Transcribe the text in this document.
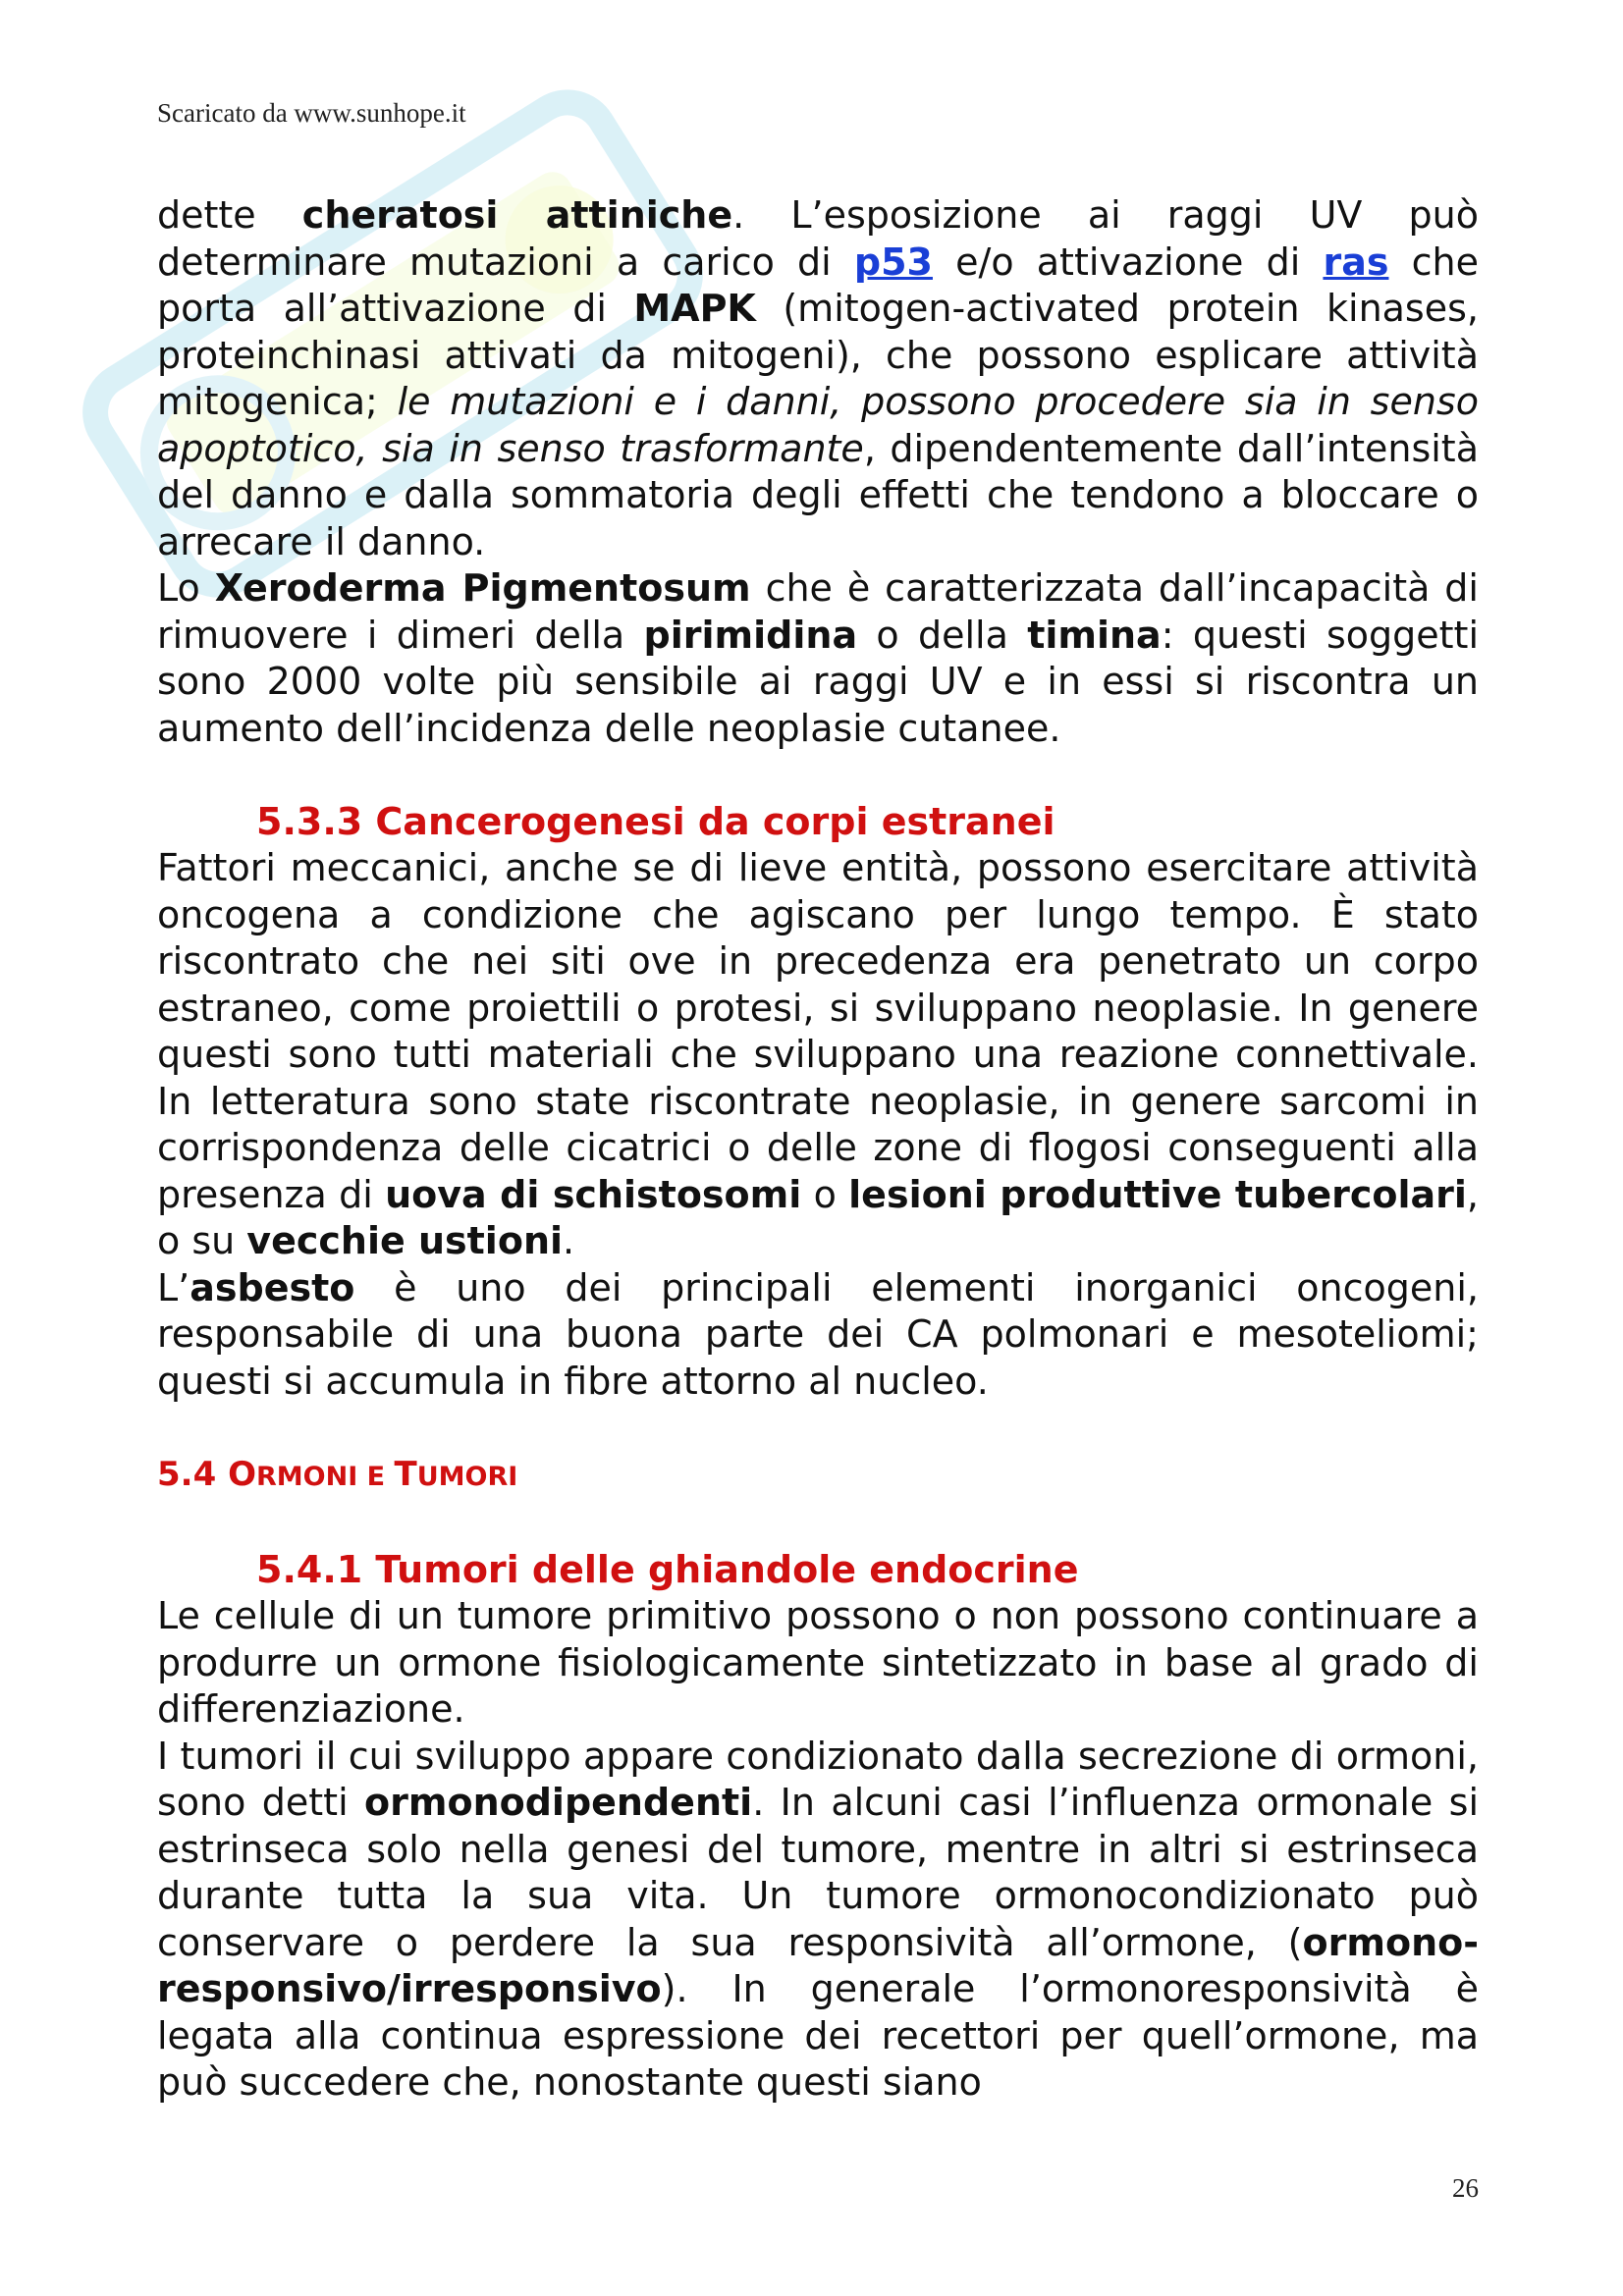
Scaricato da www.sunhope.it

dette cheratosi attiniche. L’esposizione ai raggi UV può determinare mutazioni a carico di p53 e/o attivazione di ras che porta all’attivazione di MAPK (mitogen-activated protein kinases, proteinchinasi attivati da mitogeni), che possono esplicare attività mitogenica; le mutazioni e i danni, possono procedere sia in senso apoptotico, sia in senso trasformante, dipendentemente dall’intensità del danno e dalla sommatoria degli effetti che tendono a bloccare o arrecare il danno.

Lo Xeroderma Pigmentosum che è caratterizzata dall’incapacità di rimuovere i dimeri della pirimidina o della timina: questi soggetti sono 2000 volte più sensibile ai raggi UV e in essi si riscontra un aumento dell’incidenza delle neoplasie cutanee.

5.3.3 Cancerogenesi da corpi estranei

Fattori meccanici, anche se di lieve entità, possono esercitare attività oncogena a condizione che agiscano per lungo tempo. È stato riscontrato che nei siti ove in precedenza era penetrato un corpo estraneo, come proiettili o protesi, si sviluppano neoplasie. In genere questi sono tutti materiali che sviluppano una reazione connettivale. In letteratura sono state riscontrate neoplasie, in genere sarcomi in corrispondenza delle cicatrici o delle zone di flogosi conseguenti alla presenza di uova di schistosomi o lesioni produttive tubercolari, o su vecchie ustioni.

L’asbesto è uno dei principali elementi inorganici oncogeni, responsabile di una buona parte dei CA polmonari e mesoteliomi; questi si accumula in fibre attorno al nucleo.

5.4 ORMONI E TUMORI
5.4.1 Tumori delle ghiandole endocrine

Le cellule di un tumore primitivo possono o non possono continuare a produrre un ormone fisiologicamente sintetizzato in base al grado di differenziazione.

I tumori il cui sviluppo appare condizionato dalla secrezione di ormoni, sono detti ormonodipendenti. In alcuni casi l’influenza ormonale si estrinseca solo nella genesi del tumore, mentre in altri si estrinseca durante tutta la sua vita. Un tumore ormonocondizionato può conservare o perdere la sua responsività all’ormone, (ormono-responsivo/irresponsivo). In generale l’ormonoresponsività è legata alla continua espressione dei recettori per quell’ormone, ma può succedere che, nonostante questi siano

26
